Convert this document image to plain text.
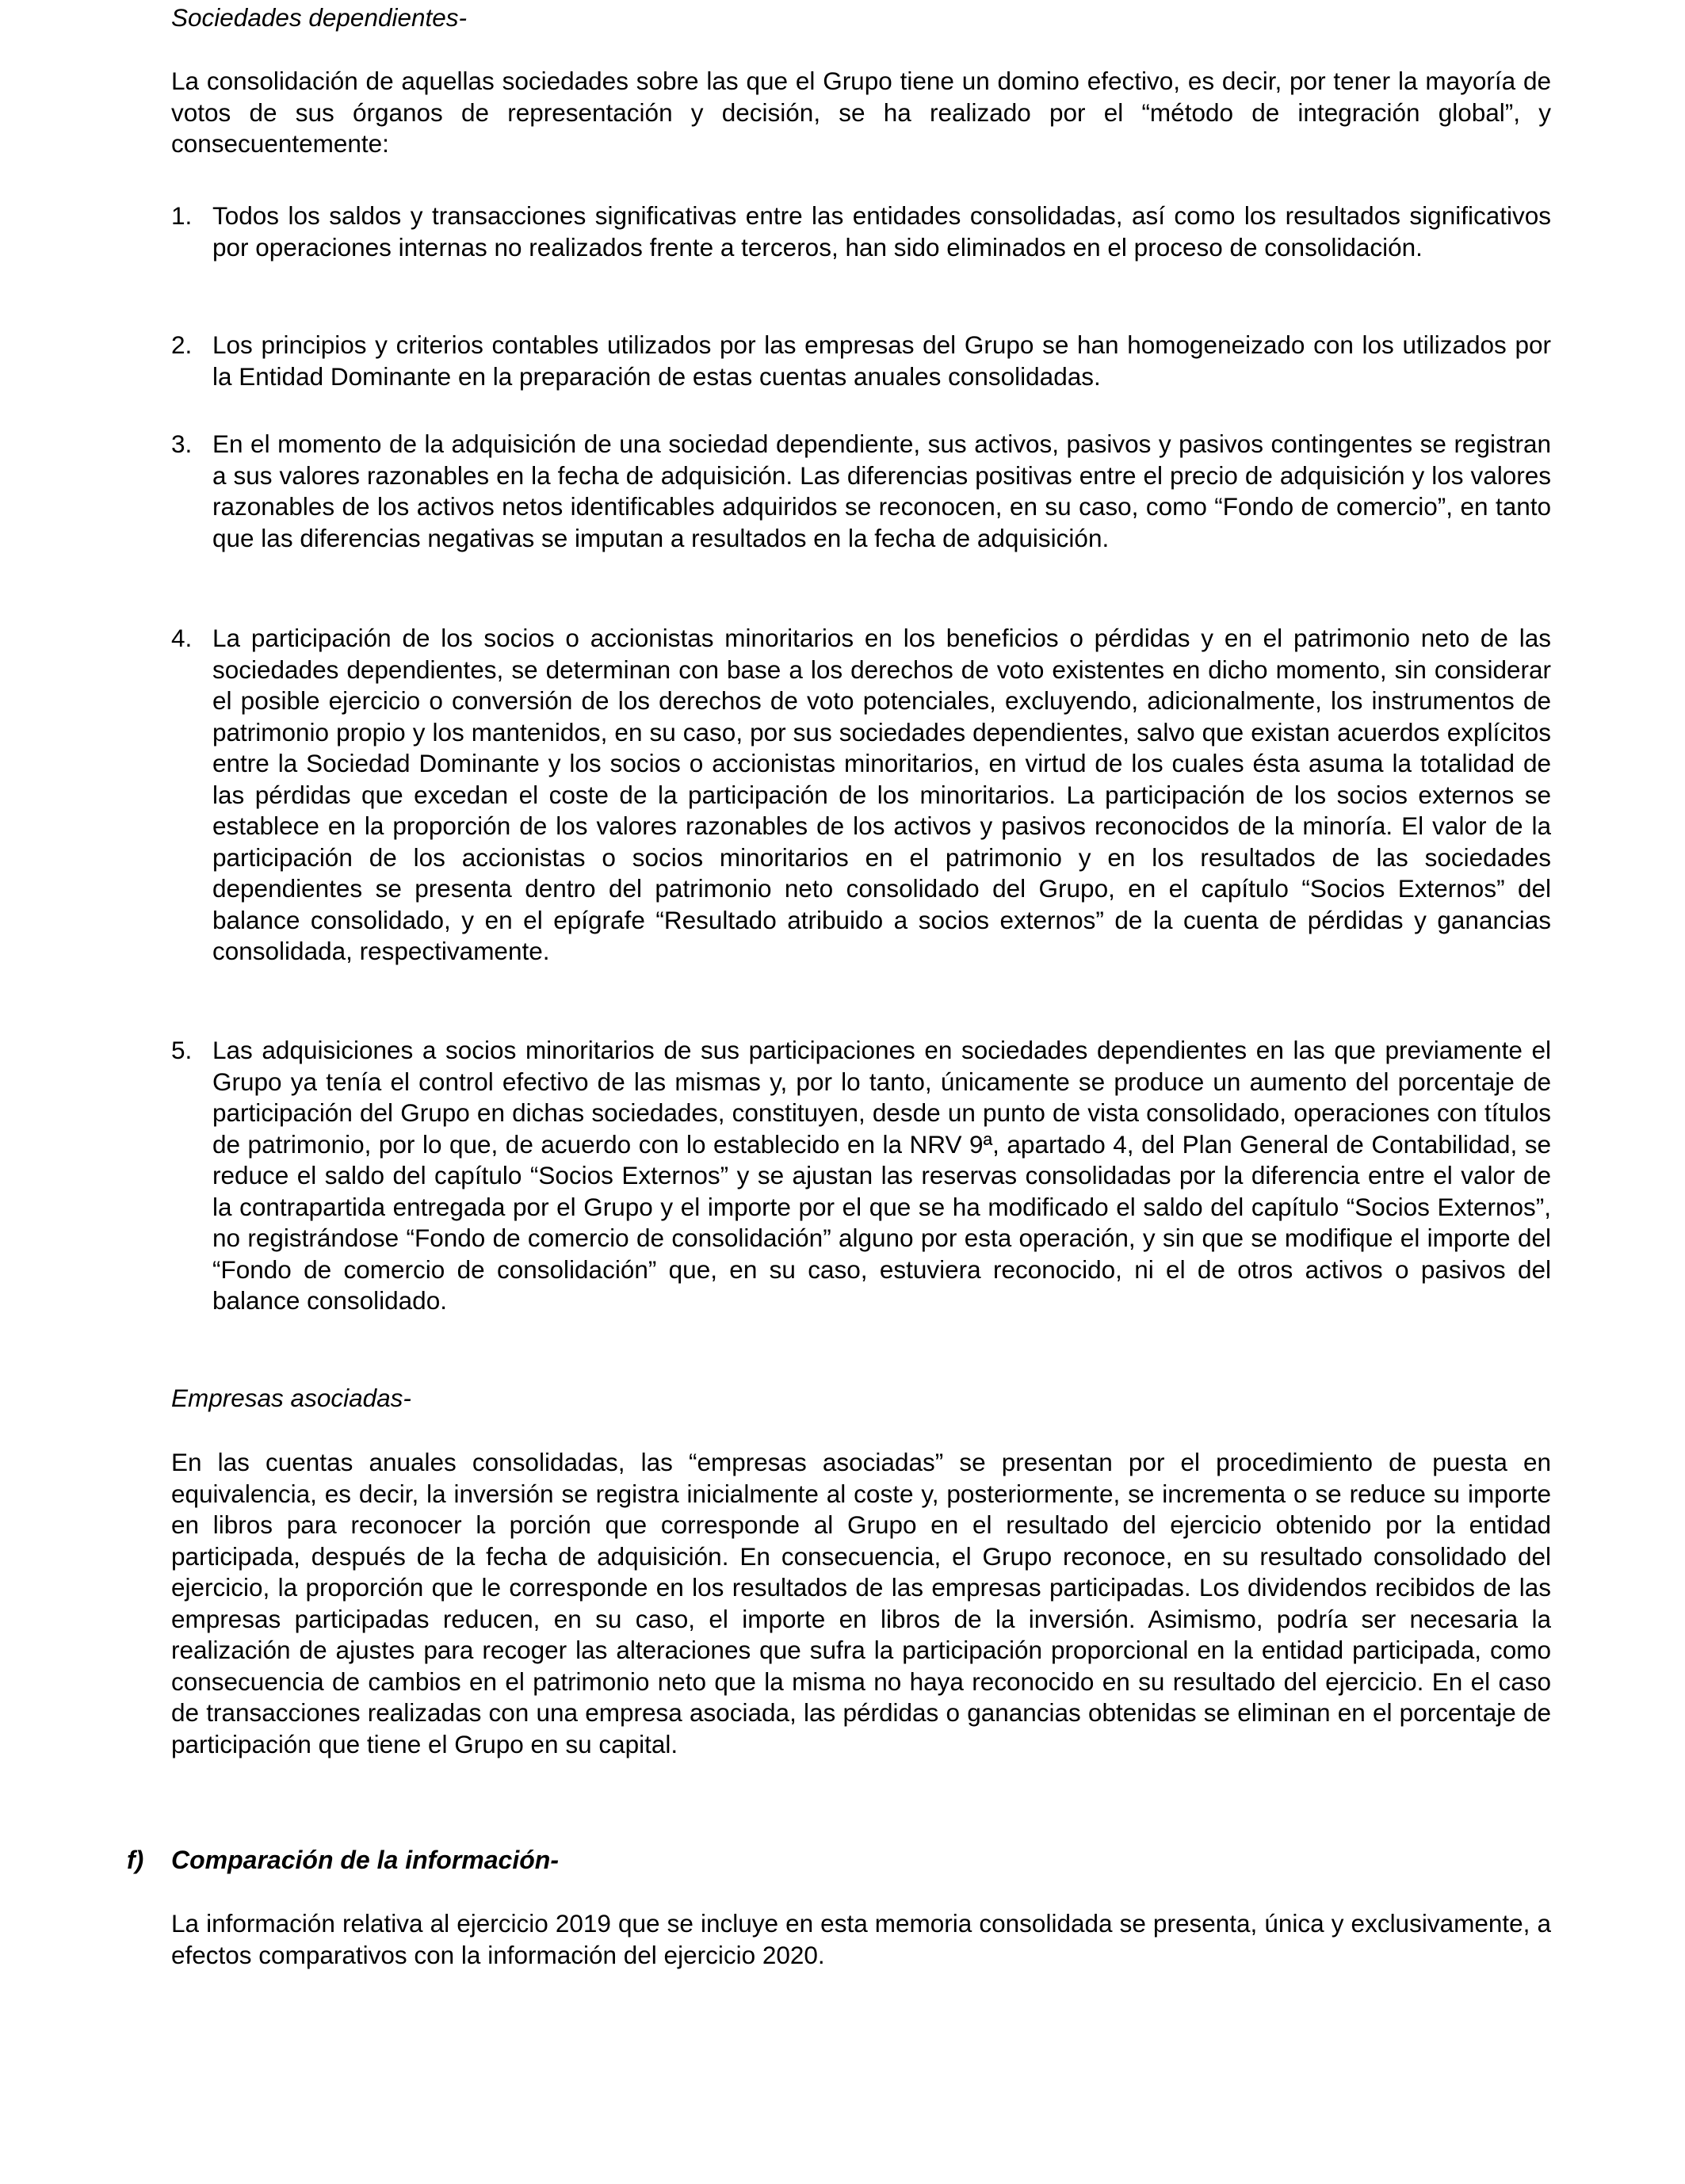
Sociedades dependientes-

La consolidación de aquellas sociedades sobre las que el Grupo tiene un domino efectivo, es decir, por tener la mayoría de votos de sus órganos de representación y decisión, se ha realizado por el “método de integración global”, y consecuentemente:

1. Todos los saldos y transacciones significativas entre las entidades consolidadas, así como los resultados significativos por operaciones internas no realizados frente a terceros, han sido eliminados en el proceso de consolidación.
2. Los principios y criterios contables utilizados por las empresas del Grupo se han homogeneizado con los utilizados por la Entidad Dominante en la preparación de estas cuentas anuales consolidadas.
3. En el momento de la adquisición de una sociedad dependiente, sus activos, pasivos y pasivos contingentes se registran a sus valores razonables en la fecha de adquisición. Las diferencias positivas entre el precio de adquisición y los valores razonables de los activos netos identificables adquiridos se reconocen, en su caso, como “Fondo de comercio”, en tanto que las diferencias negativas se imputan a resultados en la fecha de adquisición.
4. La participación de los socios o accionistas minoritarios en los beneficios o pérdidas y en el patrimonio neto de las sociedades dependientes, se determinan con base a los derechos de voto existentes en dicho momento, sin considerar el posible ejercicio o conversión de los derechos de voto potenciales, excluyendo, adicionalmente, los instrumentos de patrimonio propio y los mantenidos, en su caso, por sus sociedades dependientes, salvo que existan acuerdos explícitos entre la Sociedad Dominante y los socios o accionistas minoritarios, en virtud de los cuales ésta asuma la totalidad de las pérdidas que excedan el coste de la participación de los minoritarios. La participación de los socios externos se establece en la proporción de los valores razonables de los activos y pasivos reconocidos de la minoría. El valor de la participación de los accionistas o socios minoritarios en el patrimonio y en los resultados de las sociedades dependientes se presenta dentro del patrimonio neto consolidado del Grupo, en el capítulo “Socios Externos” del balance consolidado, y en el epígrafe “Resultado atribuido a socios externos” de la cuenta de pérdidas y ganancias consolidada, respectivamente.
5. Las adquisiciones a socios minoritarios de sus participaciones en sociedades dependientes en las que previamente el Grupo ya tenía el control efectivo de las mismas y, por lo tanto, únicamente se produce un aumento del porcentaje de participación del Grupo en dichas sociedades, constituyen, desde un punto de vista consolidado, operaciones con títulos de patrimonio, por lo que, de acuerdo con lo establecido en la NRV 9ª, apartado 4, del Plan General de Contabilidad, se reduce el saldo del capítulo “Socios Externos” y se ajustan las reservas consolidadas por la diferencia entre el valor de la contrapartida entregada por el Grupo y el importe por el que se ha modificado el saldo del capítulo “Socios Externos”, no registrándose “Fondo de comercio de consolidación” alguno por esta operación, y sin que se modifique el importe del “Fondo de comercio de consolidación” que, en su caso, estuviera reconocido, ni el de otros activos o pasivos del balance consolidado.

Empresas asociadas-

En las cuentas anuales consolidadas, las “empresas asociadas” se presentan por el procedimiento de puesta en equivalencia, es decir, la inversión se registra inicialmente al coste y, posteriormente, se incrementa o se reduce su importe en libros para reconocer la porción que corresponde al Grupo en el resultado del ejercicio obtenido por la entidad participada, después de la fecha de adquisición. En consecuencia, el Grupo reconoce, en su resultado consolidado del ejercicio, la proporción que le corresponde en los resultados de las empresas participadas. Los dividendos recibidos de las empresas participadas reducen, en su caso, el importe en libros de la inversión. Asimismo, podría ser necesaria la realización de ajustes para recoger las alteraciones que sufra la participación proporcional en la entidad participada, como consecuencia de cambios en el patrimonio neto que la misma no haya reconocido en su resultado del ejercicio. En el caso de transacciones realizadas con una empresa asociada, las pérdidas o ganancias obtenidas se eliminan en el porcentaje de participación que tiene el Grupo en su capital.

f) Comparación de la información-

La información relativa al ejercicio 2019 que se incluye en esta memoria consolidada se presenta, única y exclusivamente, a efectos comparativos con la información del ejercicio 2020.
